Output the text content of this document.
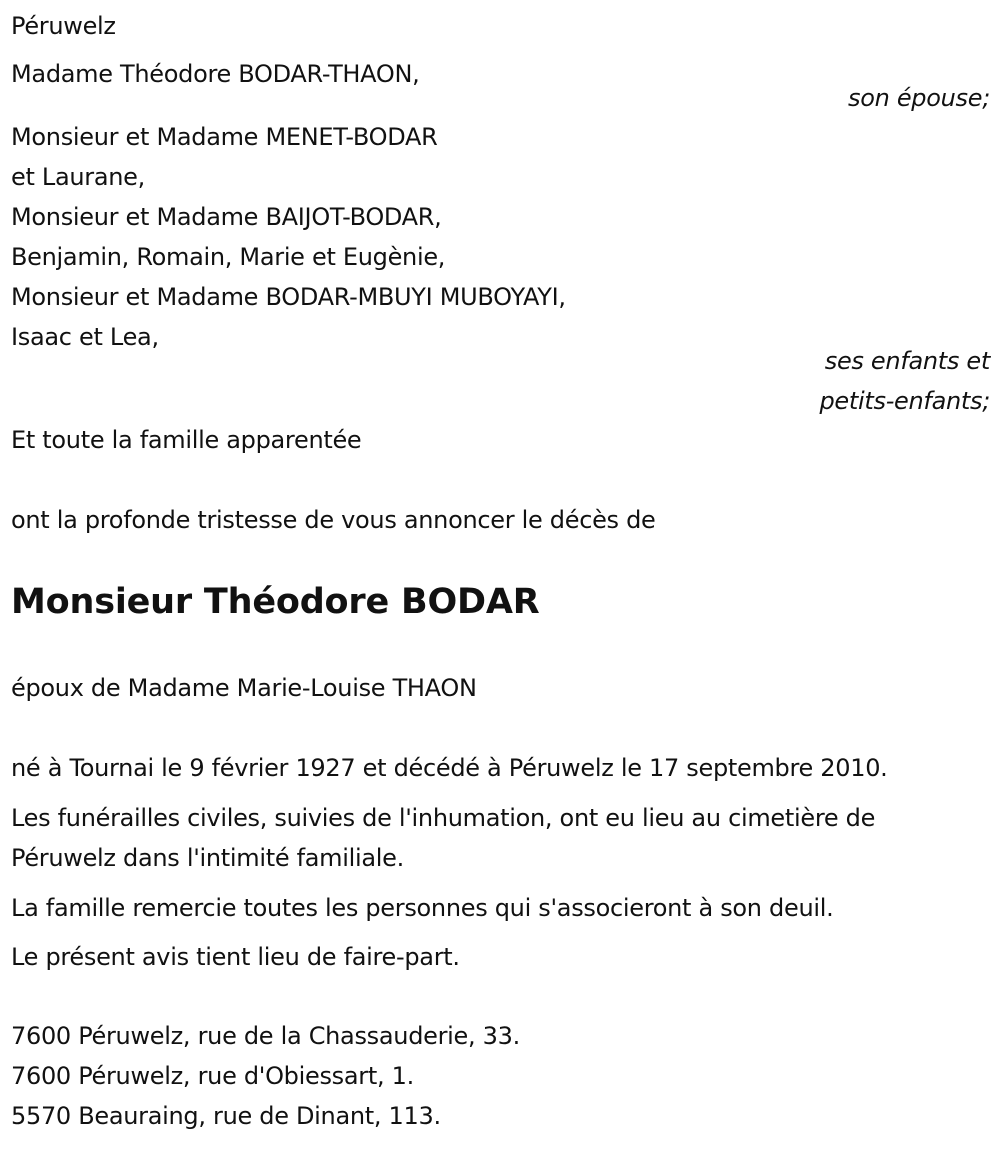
Péruwelz

Madame Théodore BODAR-THAON,

son épouse;

Monsieur et Madame MENET-BODAR

et Laurane,

Monsieur et Madame BAIJOT-BODAR,

Benjamin, Romain, Marie et Eugènie,

Monsieur et Madame BODAR-MBUYI MUBOYAYI,

Isaac et Lea,

ses enfants et
petits-enfants;

Et toute la famille apparentée

ont la profonde tristesse de vous annoncer le décès de

Monsieur Théodore BODAR

époux de Madame Marie-Louise THAON

né à Tournai le 9 février 1927 et décédé à Péruwelz le 17 septembre 2010.

Les funérailles civiles, suivies de l'inhumation, ont eu lieu au cimetière de

Péruwelz dans l'intimité familiale.

La famille remercie toutes les personnes qui s'associeront à son deuil.

Le présent avis tient lieu de faire-part.

7600 Péruwelz, rue de la Chassauderie, 33.

7600 Péruwelz, rue d'Obiessart, 1.

5570 Beauraing, rue de Dinant, 113.
